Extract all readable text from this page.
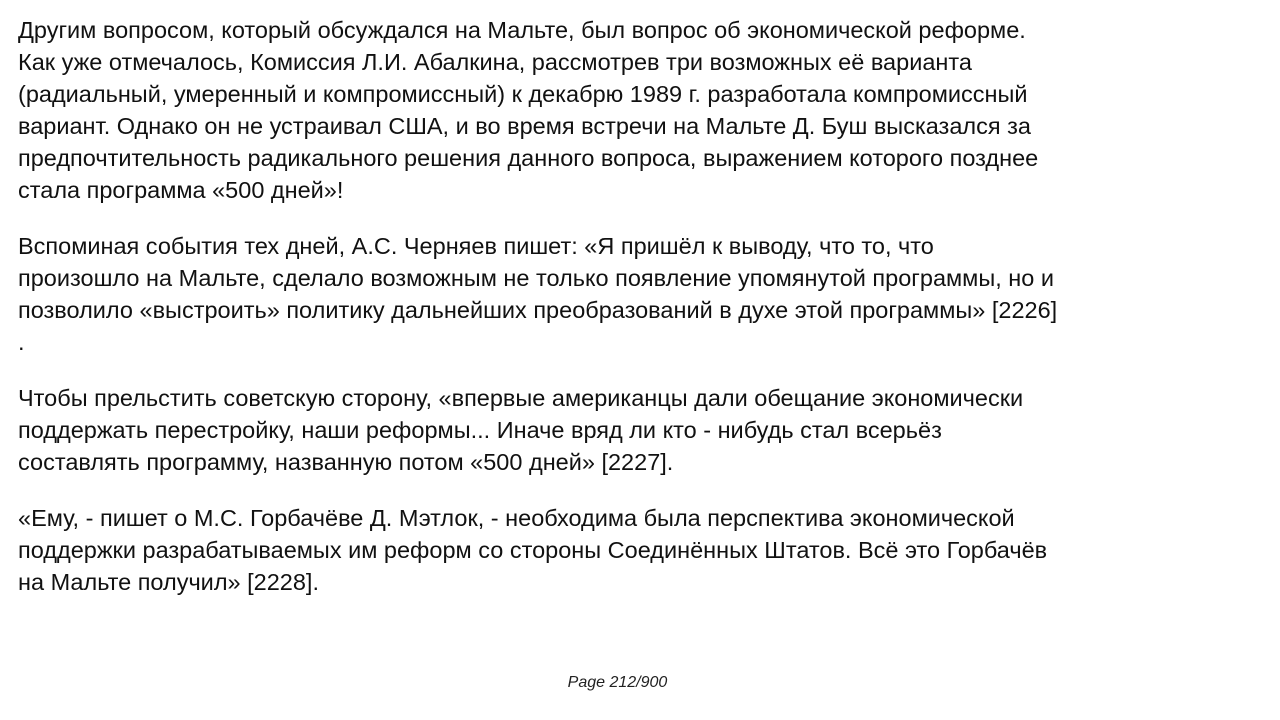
Другим вопросом, который обсуждался на Мальте, был вопрос об экономической реформе.
Как уже отмечалось, Комиссия Л.И. Абалкина, рассмотрев три возможных её варианта
(радиальный, умеренный и компромиссный) к декабрю 1989 г. разработала компромиссный
вариант. Однако он не устраивал США, и во время встречи на Мальте Д. Буш высказался за
предпочтительность радикального решения данного вопроса, выражением которого позднее
стала программа «500 дней»!

Вспоминая события тех дней, А.С. Черняев пишет: «Я пришёл к выводу, что то, что
произошло на Мальте, сделало возможным не только появление упомянутой программы, но и
позволило «выстроить» политику дальнейших преобразований в духе этой программы» [2226]
.

Чтобы прельстить советскую сторону, «впервые американцы дали обещание экономически
поддержать перестройку, наши реформы... Иначе вряд ли кто - нибудь стал всерьёз
составлять программу, названную потом «500 дней» [2227].

«Ему, - пишет о М.С. Горбачёве Д. Мэтлок, - необходима была перспектива экономической
поддержки разрабатываемых им реформ со стороны Соединённых Штатов. Всё это Горбачёв
на Мальте получил» [2228].

Page 212/900
